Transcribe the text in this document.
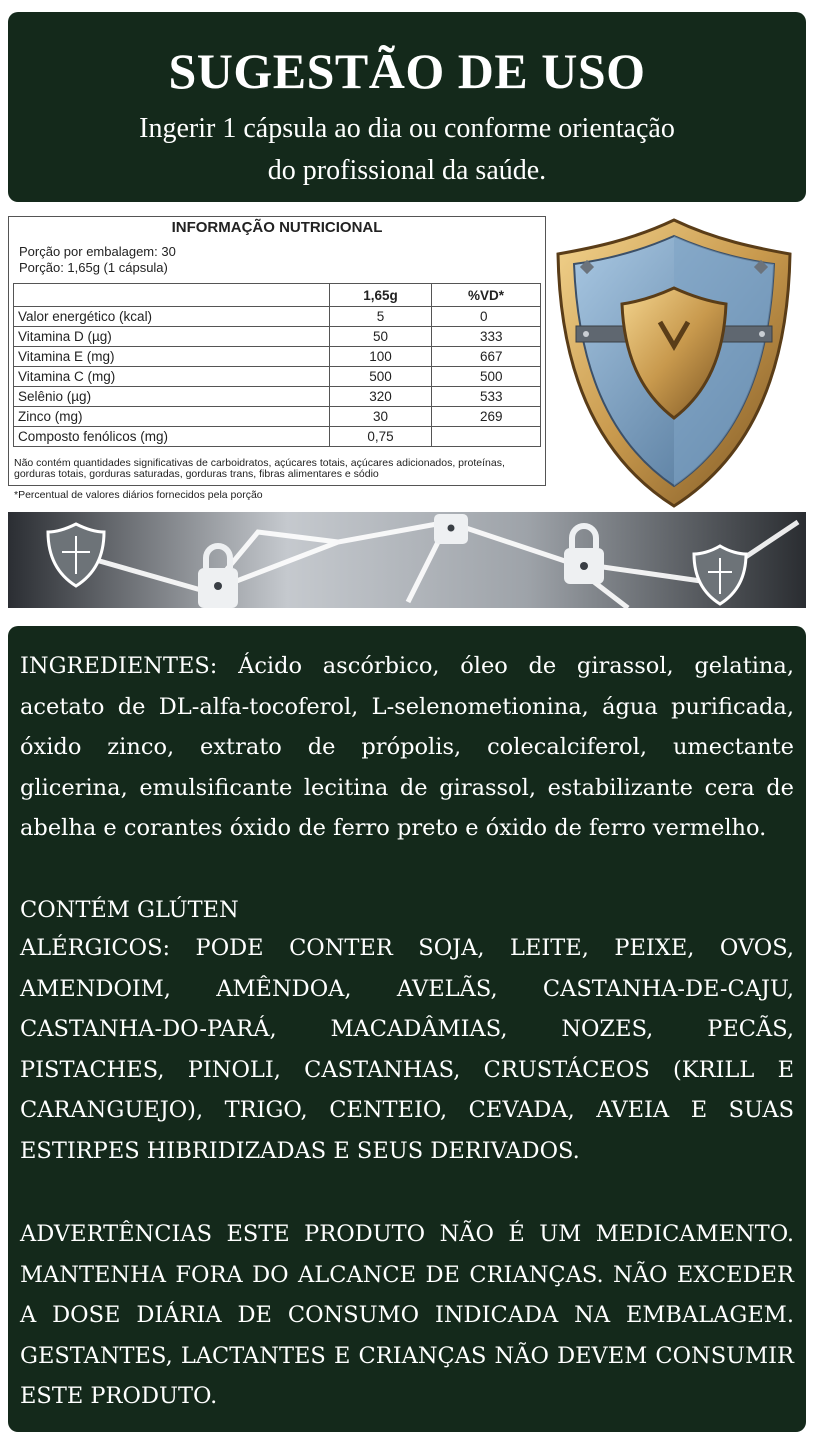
SUGESTÃO DE USO
Ingerir 1 cápsula ao dia ou conforme orientação
do profissional da saúde.
INFORMAÇÃO NUTRICIONAL
Porção por embalagem: 30
Porção: 1,65g (1 cápsula)
	1,65g	%VD*
Valor energético (kcal)	5	0
Vitamina D (µg)	50	333
Vitamina E (mg)	100	667
Vitamina C (mg)	500	500
Selênio (µg)	320	533
Zinco (mg)	30	269
Composto fenólicos (mg)	0,75	
Não contém quantidades significativas de carboidratos, açúcares totais, açúcares adicionados, proteínas, gorduras totais, gorduras saturadas, gorduras trans, fibras alimentares e sódio
*Percentual de valores diários fornecidos pela porção

INGREDIENTES: Ácido ascórbico, óleo de girassol, gelatina, acetato de DL-alfa-tocoferol, L-selenometionina, água purificada, óxido zinco, extrato de própolis, colecalciferol, umectante glicerina, emulsificante lecitina de girassol, estabilizante cera de abelha e corantes óxido de ferro preto e óxido de ferro vermelho.

CONTÉM GLÚTEN

ALÉRGICOS: PODE CONTER SOJA, LEITE, PEIXE, OVOS, AMENDOIM, AMÊNDOA, AVELÃS, CASTANHA-DE-CAJU, CASTANHA-DO-PARÁ, MACADÂMIAS, NOZES, PECÃS, PISTACHES, PINOLI, CASTANHAS, CRUSTÁCEOS (KRILL E CARANGUEJO), TRIGO, CENTEIO, CEVADA, AVEIA E SUAS ESTIRPES HIBRIDIZADAS E SEUS DERIVADOS.

ADVERTÊNCIAS ESTE PRODUTO NÃO É UM MEDICAMENTO. MANTENHA FORA DO ALCANCE DE CRIANÇAS. NÃO EXCEDER A DOSE DIÁRIA DE CONSUMO INDICADA NA EMBALAGEM. GESTANTES, LACTANTES E CRIANÇAS NÃO DEVEM CONSUMIR ESTE PRODUTO.
